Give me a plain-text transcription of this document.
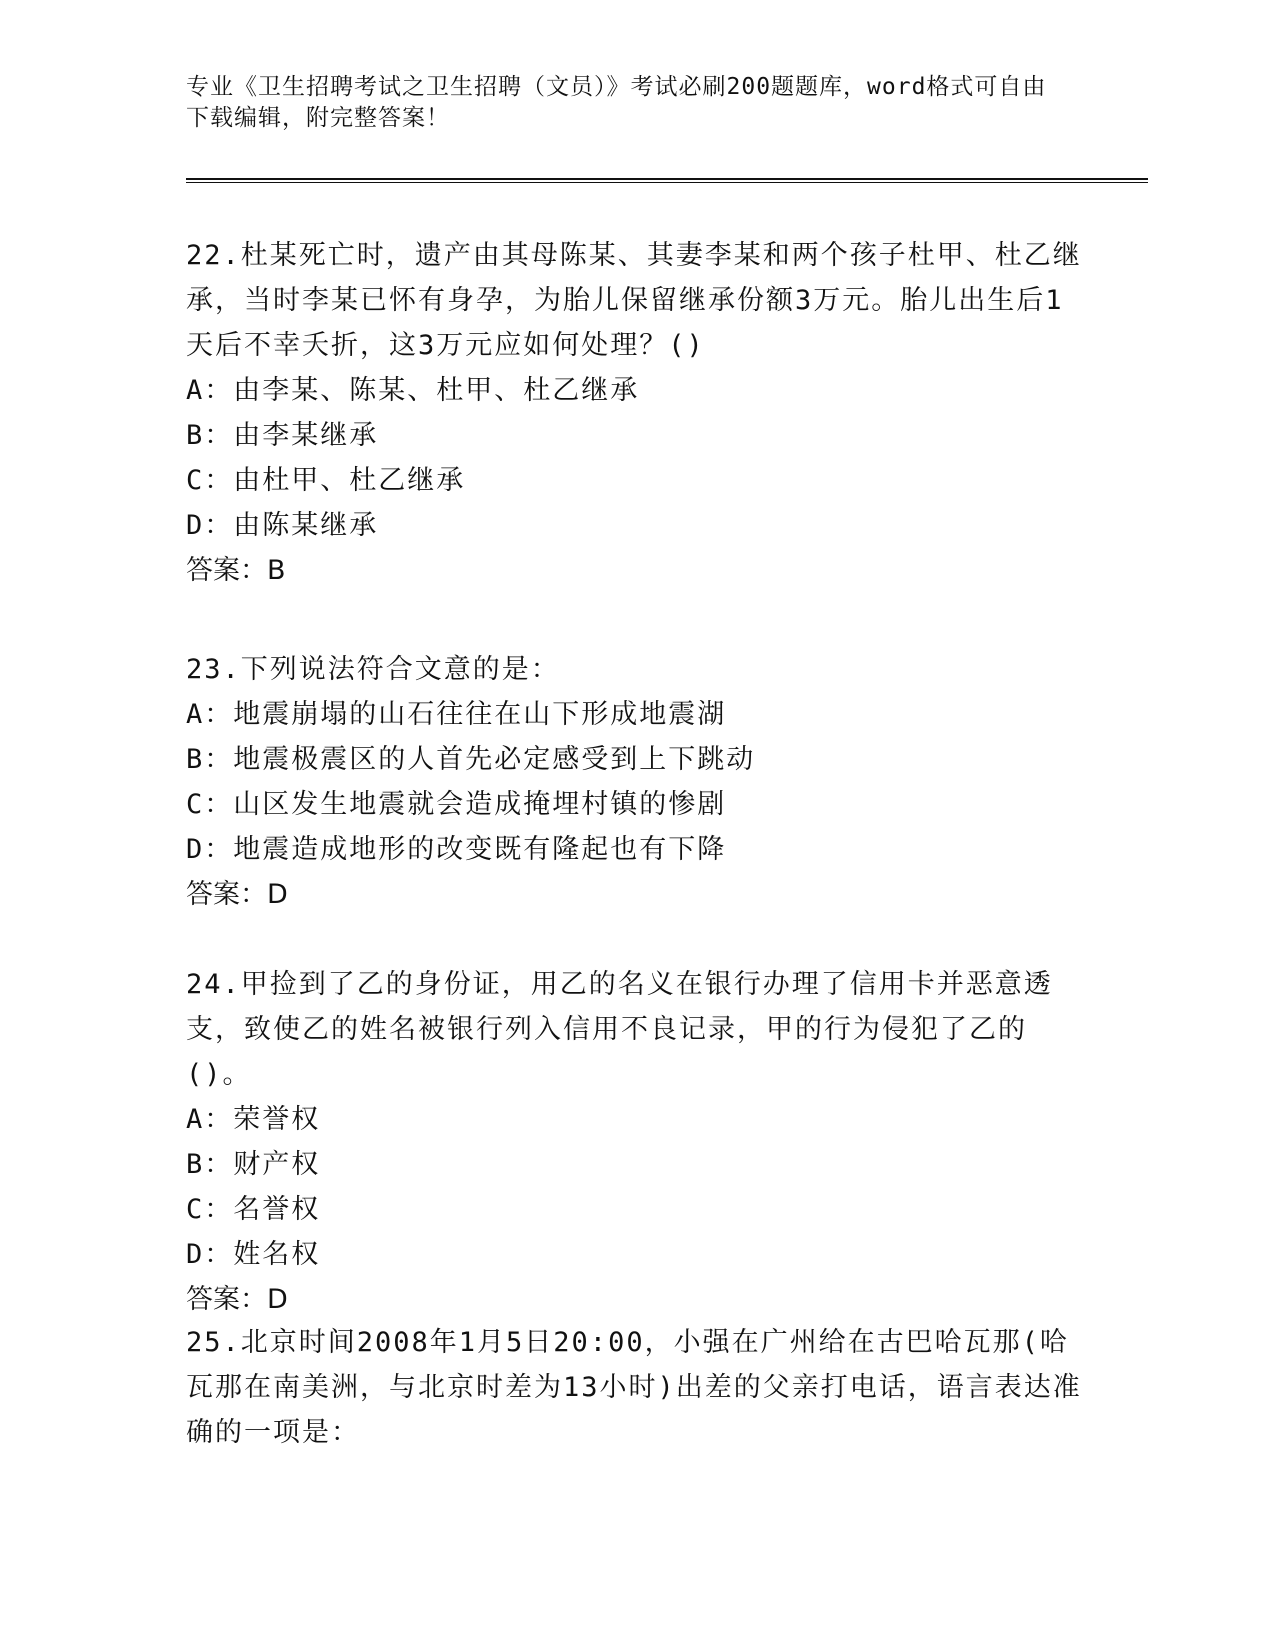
专业《卫生招聘考试之卫生招聘（文员）》考试必刷200题题库，word格式可自由下载编辑，附完整答案！

22.杜某死亡时，遗产由其母陈某、其妻李某和两个孩子杜甲、杜乙继承，当时李某已怀有身孕，为胎儿保留继承份额3万元。胎儿出生后1天后不幸夭折，这3万元应如何处理？()

A：由李某、陈某、杜甲、杜乙继承

B：由李某继承

C：由杜甲、杜乙继承

D：由陈某继承

答案：B

23.下列说法符合文意的是：

A：地震崩塌的山石往往在山下形成地震湖

B：地震极震区的人首先必定感受到上下跳动

C：山区发生地震就会造成掩埋村镇的惨剧

D：地震造成地形的改变既有隆起也有下降

答案：D

24.甲捡到了乙的身份证，用乙的名义在银行办理了信用卡并恶意透支，致使乙的姓名被银行列入信用不良记录，甲的行为侵犯了乙的()。

A：荣誉权

B：财产权

C：名誉权

D：姓名权

答案：D

25.北京时间2008年1月5日20:00，小强在广州给在古巴哈瓦那(哈瓦那在南美洲，与北京时差为13小时)出差的父亲打电话，语言表达准确的一项是：
